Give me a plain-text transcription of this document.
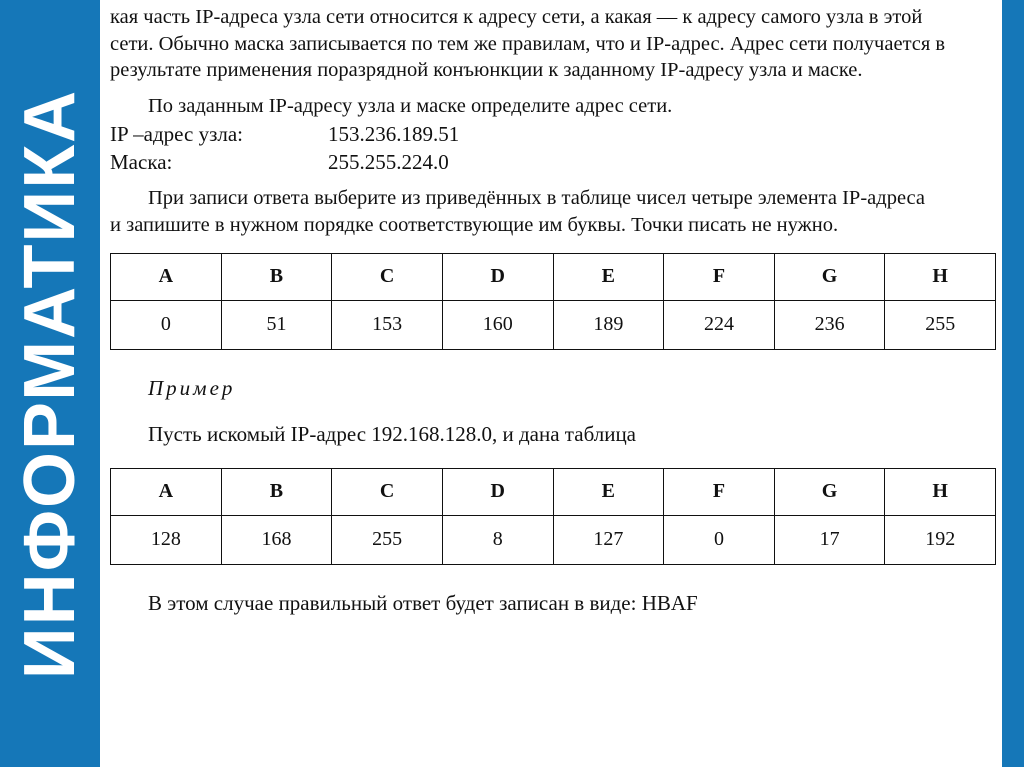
ИНФОРМАТИКА

кая часть IP-адреса узла сети относится к адресу сети, а какая — к адресу самого узла в этой

сети. Обычно маска записывается по тем же правилам, что и IP-адрес. Адрес сети получается в

результате применения поразрядной конъюнкции к заданному IP-адресу узла и маске.

По заданным IP-адресу узла и маске определите адрес сети.

IP –адрес узла:	153.236.189.51
Маска:	255.255.224.0

При записи ответа выберите из приведённых в таблице чисел четыре элемента IP-адреса

и запишите в нужном порядке соответствующие им буквы. Точки писать не нужно.

A	B	C	D	E	F	G	H
0	51	153	160	189	224	236	255

Пример

Пусть искомый IP-адрес 192.168.128.0, и дана таблица

A	B	C	D	E	F	G	H
128	168	255	8	127	0	17	192

В этом случае правильный ответ будет записан в виде: HBAF
